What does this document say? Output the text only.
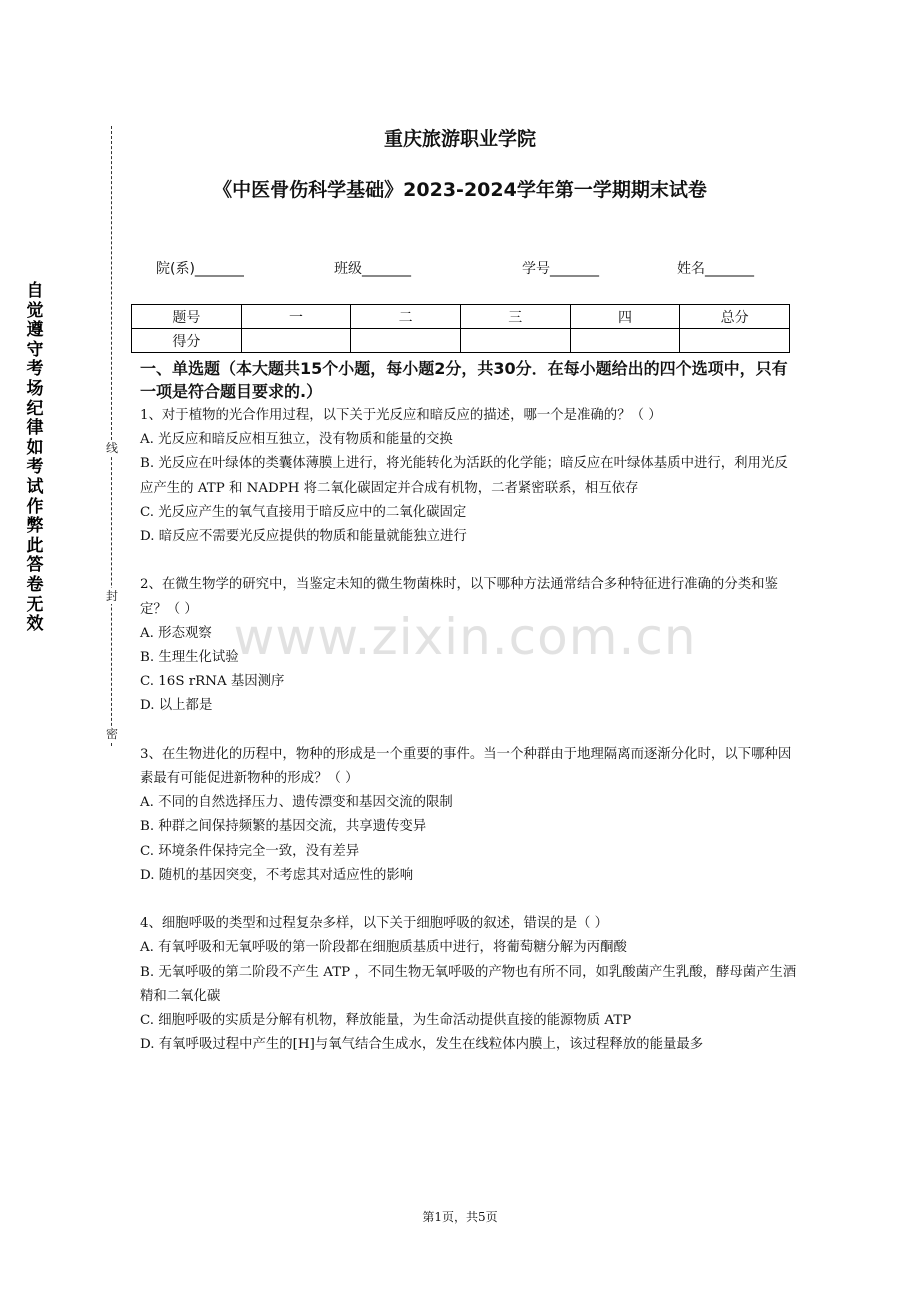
自觉遵守考场纪律如考试作弊此答卷无效
线
封
密
重庆旅游职业学院
《中医骨伤科学基础》2023-2024学年第一学期期末试卷
院(系)_______	班级_______	学号_______	姓名_______
题号	一	二	三	四	总分
得分					
一、单选题（本大题共15个小题，每小题2分，共30分．在每小题给出的四个选项中，只有一项是符合题目要求的.）
www.zixin.com.cn

1、对于植物的光合作用过程，以下关于光反应和暗反应的描述，哪一个是准确的？（ ）

A. 光反应和暗反应相互独立，没有物质和能量的交换

B. 光反应在叶绿体的类囊体薄膜上进行，将光能转化为活跃的化学能；暗反应在叶绿体基质中进行，利用光反应产生的 ATP 和 NADPH 将二氧化碳固定并合成有机物，二者紧密联系，相互依存

C. 光反应产生的氧气直接用于暗反应中的二氧化碳固定

D. 暗反应不需要光反应提供的物质和能量就能独立进行

2、在微生物学的研究中，当鉴定未知的微生物菌株时，以下哪种方法通常结合多种特征进行准确的分类和鉴定？（ ）

A. 形态观察

B. 生理生化试验

C. 16S rRNA 基因测序

D. 以上都是

3、在生物进化的历程中，物种的形成是一个重要的事件。当一个种群由于地理隔离而逐渐分化时，以下哪种因素最有可能促进新物种的形成？（ ）

A. 不同的自然选择压力、遗传漂变和基因交流的限制

B. 种群之间保持频繁的基因交流，共享遗传变异

C. 环境条件保持完全一致，没有差异

D. 随机的基因突变，不考虑其对适应性的影响

4、细胞呼吸的类型和过程复杂多样，以下关于细胞呼吸的叙述，错误的是（ ）

A. 有氧呼吸和无氧呼吸的第一阶段都在细胞质基质中进行，将葡萄糖分解为丙酮酸

B. 无氧呼吸的第二阶段不产生 ATP ，不同生物无氧呼吸的产物也有所不同，如乳酸菌产生乳酸，酵母菌产生酒精和二氧化碳

C. 细胞呼吸的实质是分解有机物，释放能量，为生命活动提供直接的能源物质 ATP

D. 有氧呼吸过程中产生的[H]与氧气结合生成水，发生在线粒体内膜上，该过程释放的能量最多

第1页，共5页
